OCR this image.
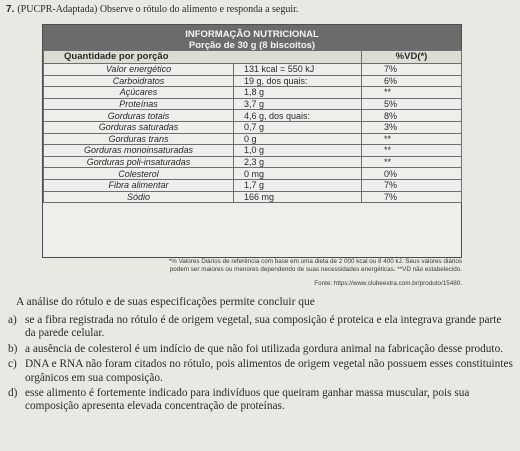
7. (PUCPR-Adaptada) Observe o rótulo do alimento e responda a seguir.
INFORMAÇÃO NUTRICIONAL
Porção de 30 g (8 biscoitos)
Quantidade por porção		%VD(*)
Valor energético	131 kcal = 550 kJ	7%
Carboidratos	19 g, dos quais:	6%
Açúcares	1,8 g	**
Proteínas	3,7 g	5%
Gorduras totais	4,6 g, dos quais:	8%
Gorduras saturadas	0,7 g	3%
Gorduras trans	0 g	**
Gorduras monoinsaturadas	1,0 g	**
Gorduras poli-insaturadas	2,3 g	**
Colesterol	0 mg	0%
Fibra alimentar	1,7 g	7%
Sódio	166 mg	7%
*% Valores Diários de referência com base em uma dieta de 2 000 kcal ou 8 400 kJ. Seus valores diários
podem ser maiores ou menores dependendo de suas necessidades energéticas. **VD não estabelecido.
Fonte: https://www.clubeextra.com.br/produto/15480.
A análise do rótulo e de suas especificações permite concluir que
a) se a fibra registrada no rótulo é de origem vegetal, sua composição é proteica e ela integrava grande parte da parede celular.
b) a ausência de colesterol é um indício de que não foi utilizada gordura animal na fabricação desse produto.
c) DNA e RNA não foram citados no rótulo, pois alimentos de origem vegetal não possuem esses constituintes orgânicos em sua composição.
d) esse alimento é fortemente indicado para indivíduos que queiram ganhar massa muscular, pois sua composição apresenta elevada concentração de proteínas.
